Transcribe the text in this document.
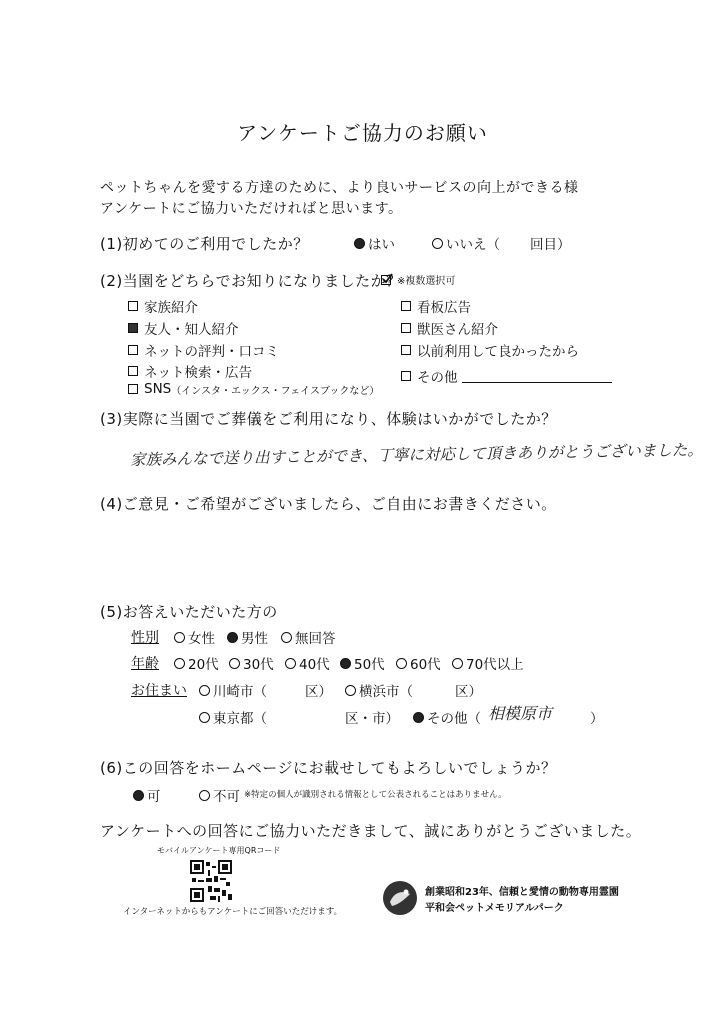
アンケートご協力のお願い
ペットちゃんを愛する方達のために、より良いサービスの向上ができる様
アンケートにご協力いただければと思います。
(1)初めてのご利用でしたか？	はい	いいえ（ 回目）
(2)当園をどちらでお知りになりましたか？
※複数選択可
家族紹介
友人・知人紹介
ネットの評判・口コミ
ネット検索・広告
SNS （インスタ・エックス・フェイスブックなど）
看板広告
獣医さん紹介
以前利用して良かったから
その他
(3)実際に当園でご葬儀をご利用になり、体験はいかがでしたか？
家族みんなで送り出すことができ、丁寧に対応して頂きありがとうございました。
(4)ご意見・ご希望がございましたら、ご自由にお書きください。
(5)お答えいただいた方の
性別 女性 男性 無回答
年齢 20代 30代 40代 50代 60代 70代以上
お住まい 川崎市（	区） 横浜市（	区）
東京都（	区・市） その他（ 相模原市	）
(6)この回答をホームページにお載せしてもよろしいでしょうか？
可	不可 ※特定の個人が識別される情報として公表されることはありません。
アンケートへの回答にご協力いただきまして、誠にありがとうございました。
モバイルアンケート専用QRコード
インターネットからもアンケートにご回答いただけます。
創業昭和23年、信頼と愛情の動物専用霊園
平和会ペットメモリアルパーク
